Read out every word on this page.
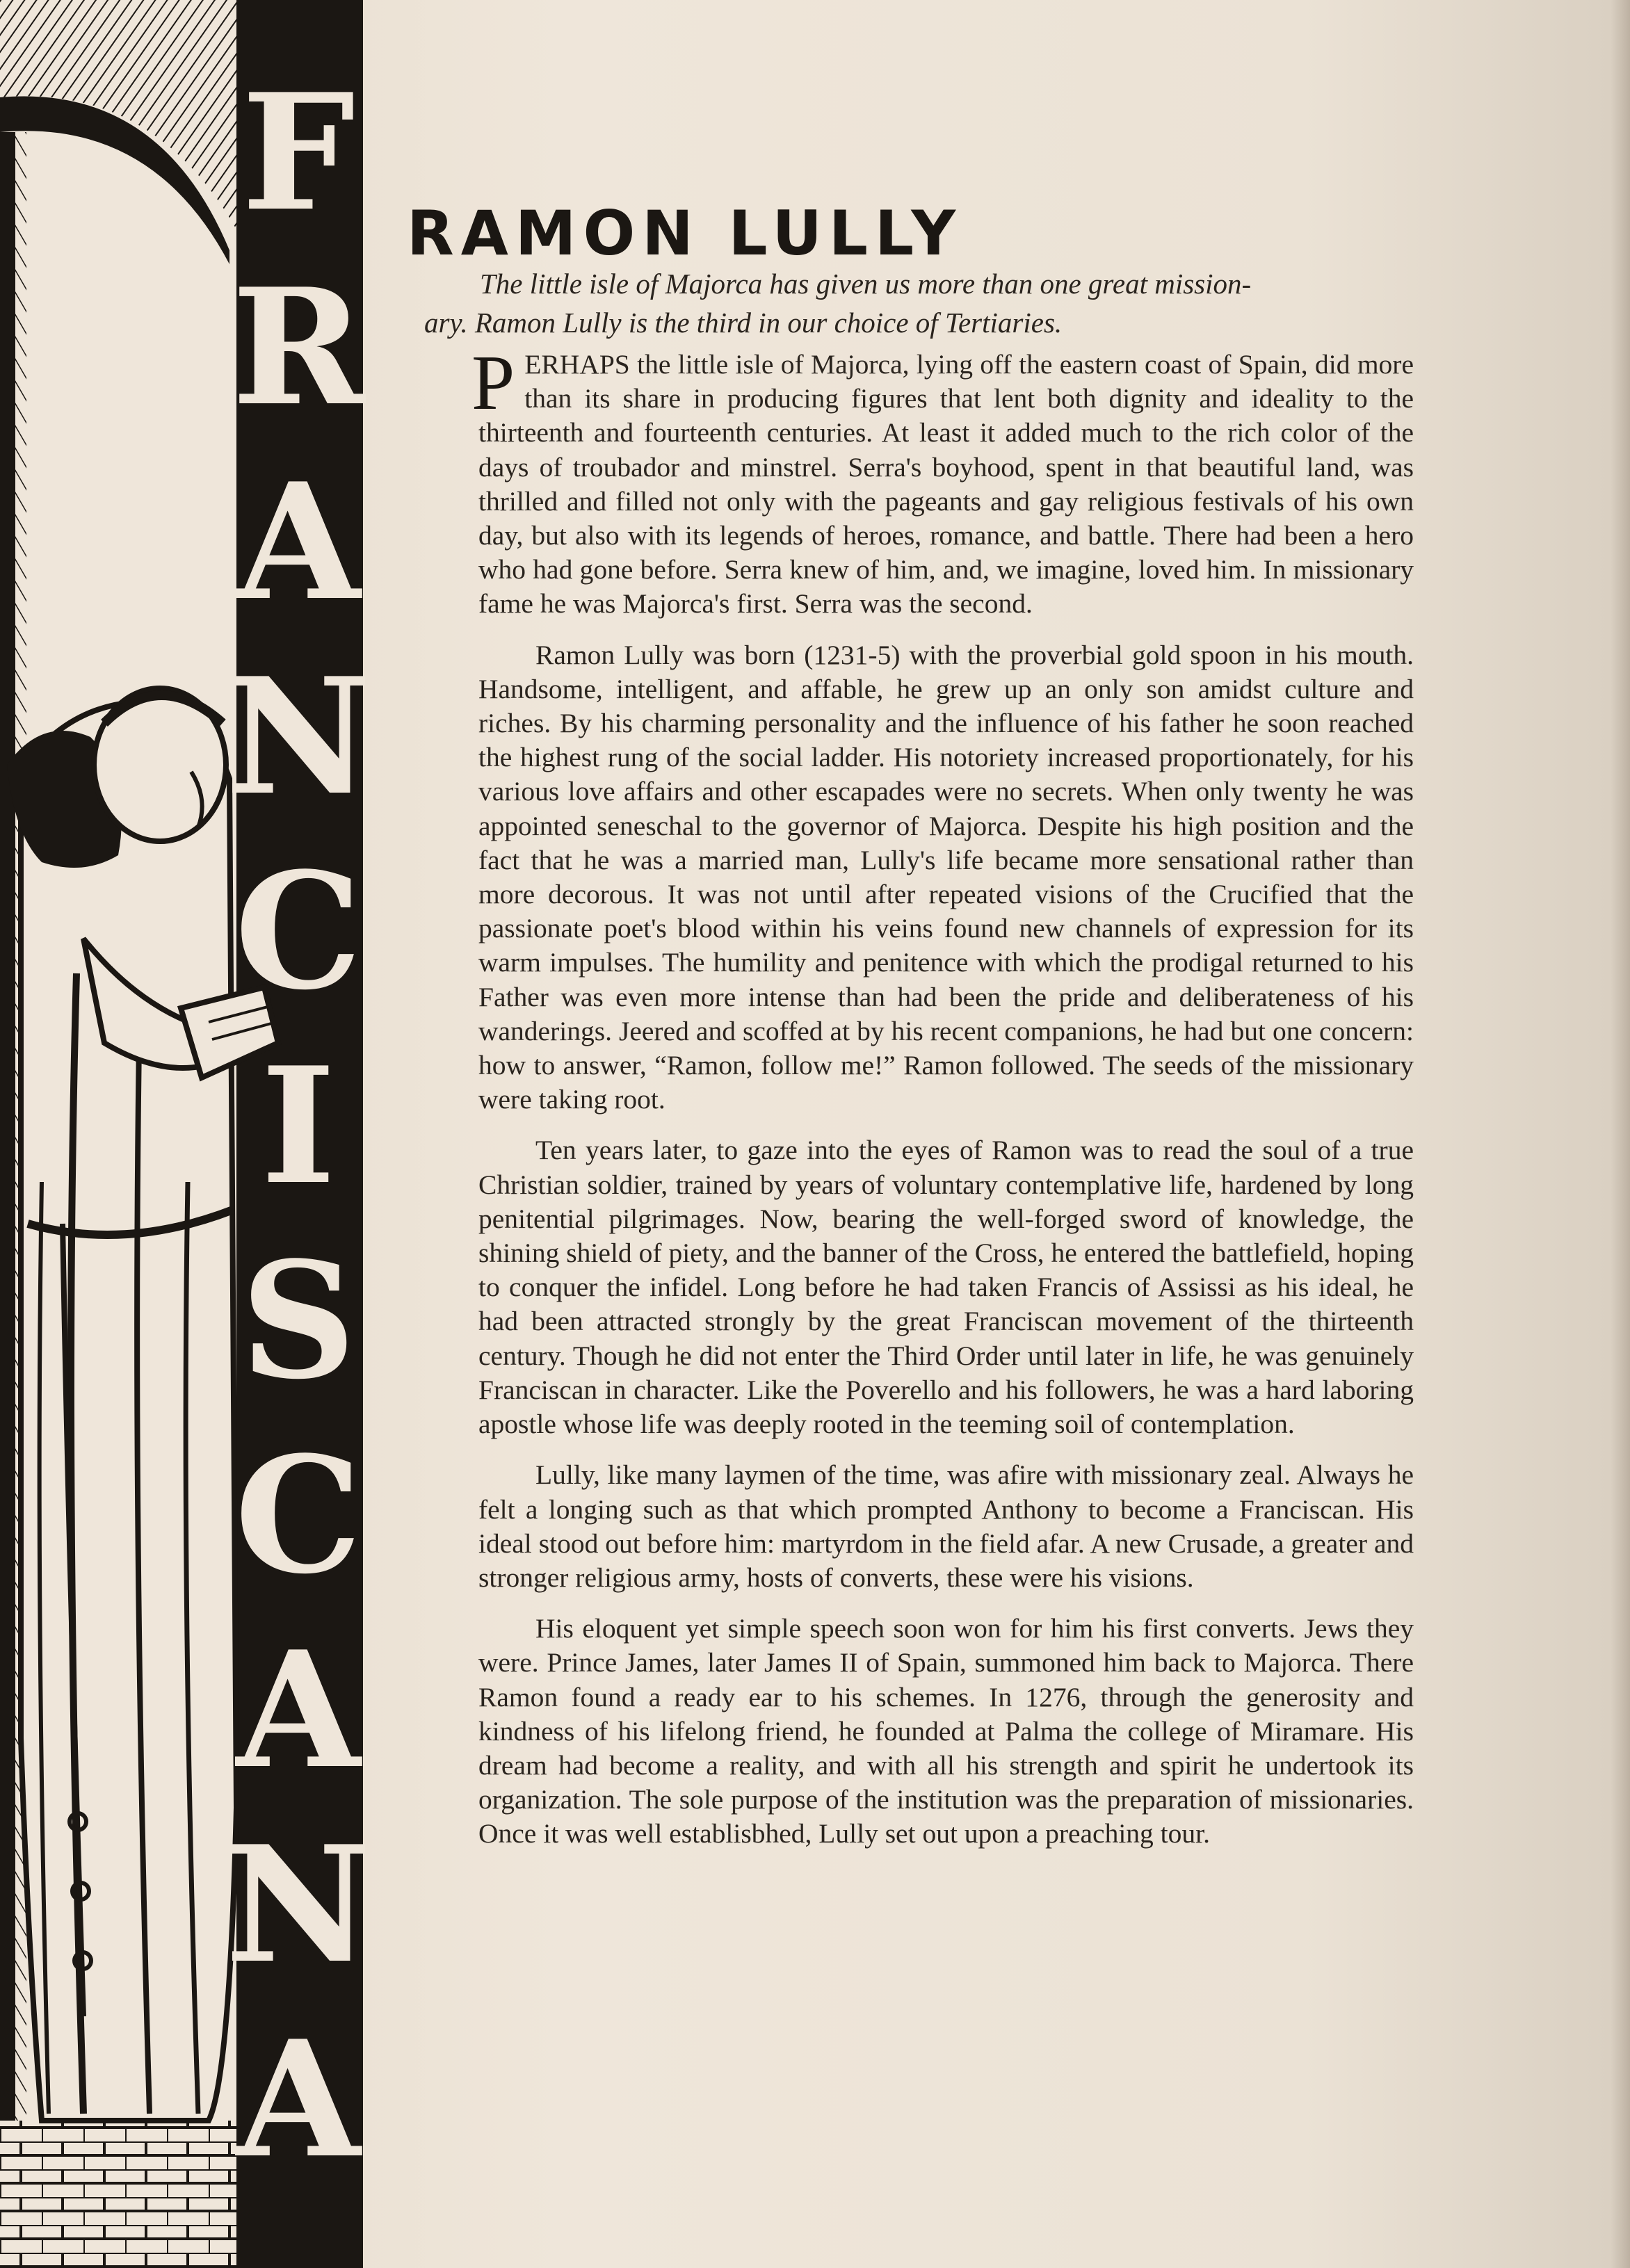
F
R
A
N
C
I
S
C
A
N
A
RAMON LULLY
The little isle of Majorca has given us more than one great mission-
ary. Ramon Lully is the third in our choice of Tertiaries.

PERHAPS the little isle of Majorca, lying off the eastern coast of Spain, did more than its share in producing figures that lent both dignity and ideality to the thirteenth and fourteenth centuries. At least it added much to the rich color of the days of troubador and minstrel. Serra's boyhood, spent in that beautiful land, was thrilled and filled not only with the pageants and gay religious festivals of his own day, but also with its legends of heroes, romance, and battle. There had been a hero who had gone before. Serra knew of him, and, we imagine, loved him. In missionary fame he was Majorca's first. Serra was the second.

Ramon Lully was born (1231-5) with the proverbial gold spoon in his mouth. Handsome, intelligent, and affable, he grew up an only son amidst culture and riches. By his charming personality and the influence of his father he soon reached the highest rung of the social ladder. His notoriety increased proportionately, for his various love affairs and other escapades were no secrets. When only twenty he was appointed seneschal to the governor of Majorca. Despite his high position and the fact that he was a married man, Lully's life became more sensational rather than more decorous. It was not until after repeated visions of the Crucified that the passionate poet's blood within his veins found new channels of expression for its warm impulses. The humility and penitence with which the prodigal returned to his Father was even more intense than had been the pride and deliberateness of his wanderings. Jeered and scoffed at by his recent companions, he had but one concern: how to answer, “Ramon, follow me!” Ramon followed. The seeds of the missionary were taking root.

Ten years later, to gaze into the eyes of Ramon was to read the soul of a true Christian soldier, trained by years of voluntary contemplative life, hardened by long penitential pilgrimages. Now, bearing the well-forged sword of knowledge, the shining shield of piety, and the banner of the Cross, he entered the battlefield, hoping to conquer the infidel. Long before he had taken Francis of Assissi as his ideal, he had been attracted strongly by the great Franciscan movement of the thirteenth century. Though he did not enter the Third Order until later in life, he was genuinely Franciscan in character. Like the Poverello and his followers, he was a hard laboring apostle whose life was deeply rooted in the teeming soil of contemplation.

Lully, like many laymen of the time, was afire with missionary zeal. Always he felt a longing such as that which prompted Anthony to become a Franciscan. His ideal stood out before him: martyrdom in the field afar. A new Crusade, a greater and stronger religious army, hosts of converts, these were his visions.

His eloquent yet simple speech soon won for him his first converts. Jews they were. Prince James, later James II of Spain, summoned him back to Majorca. There Ramon found a ready ear to his schemes. In 1276, through the generosity and kindness of his lifelong friend, he founded at Palma the college of Miramare. His dream had become a reality, and with all his strength and spirit he undertook its organization. The sole purpose of the institution was the preparation of missionaries. Once it was well establisbhed, Lully set out upon a preaching tour.
